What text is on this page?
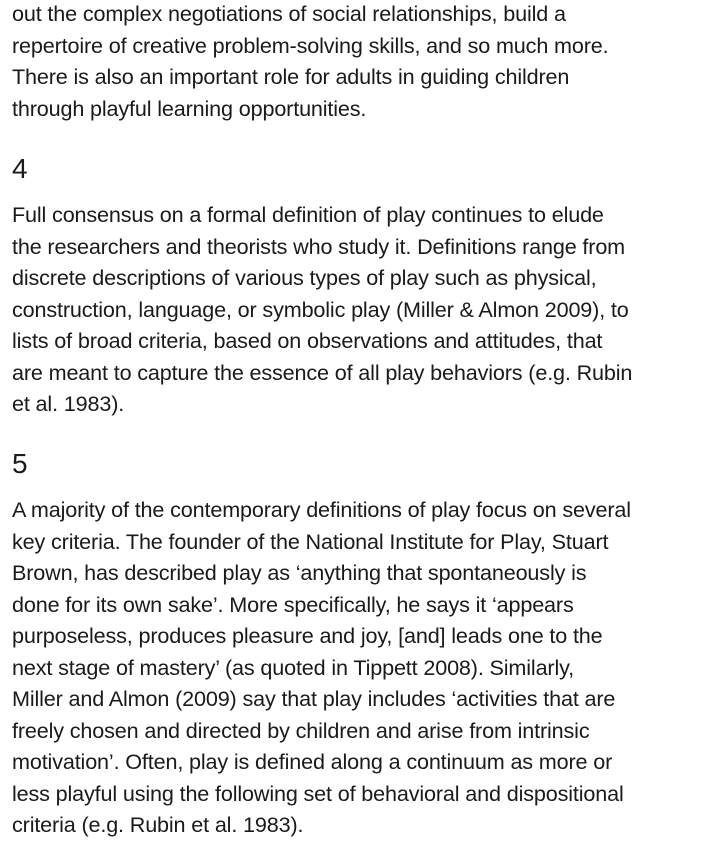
out the complex negotiations of social relationships, build a
repertoire of creative problem-solving skills, and so much more.
There is also an important role for adults in guiding children
through playful learning opportunities.

4

Full consensus on a formal definition of play continues to elude
the researchers and theorists who study it. Definitions range from
discrete descriptions of various types of play such as physical,
construction, language, or symbolic play (Miller & Almon 2009), to
lists of broad criteria, based on observations and attitudes, that
are meant to capture the essence of all play behaviors (e.g. Rubin
et al. 1983).

5

A majority of the contemporary definitions of play focus on several
key criteria. The founder of the National Institute for Play, Stuart
Brown, has described play as ‘anything that spontaneously is
done for its own sake’. More specifically, he says it ‘appears
purposeless, produces pleasure and joy, [and] leads one to the
next stage of mastery’ (as quoted in Tippett 2008). Similarly,
Miller and Almon (2009) say that play includes ‘activities that are
freely chosen and directed by children and arise from intrinsic
motivation’. Often, play is defined along a continuum as more or
less playful using the following set of behavioral and dispositional
criteria (e.g. Rubin et al. 1983).
